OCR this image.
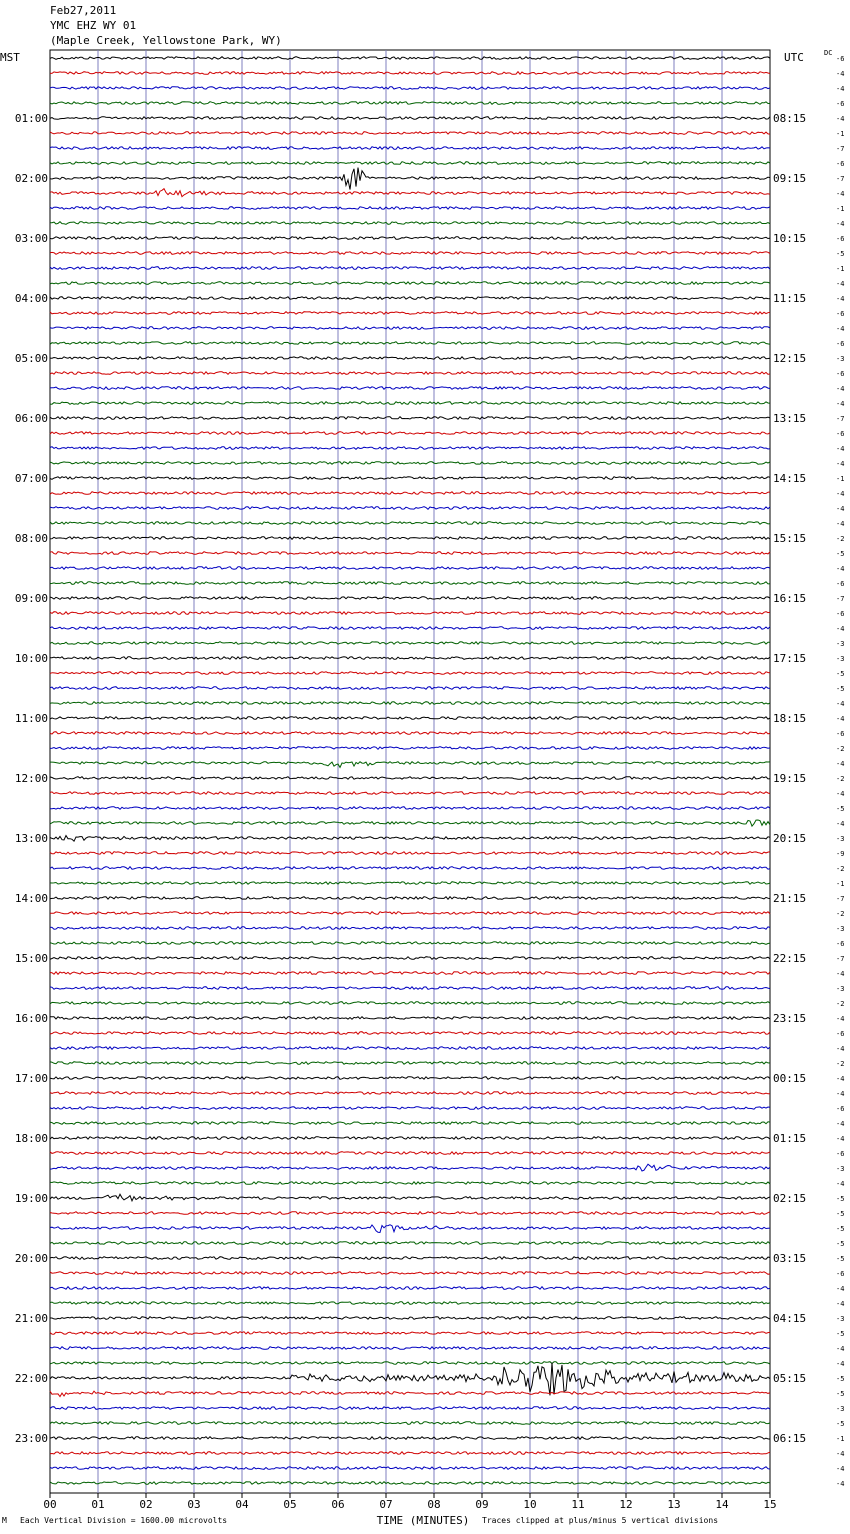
Feb27,2011
YMC EHZ WY 01
(Maple Creek, Yellowstone Park, WY)
MST	UTC	DC
01:00
02:00
03:00
04:00
05:00
06:00
07:00
08:00
09:00
10:00
11:00
12:00
13:00
14:00
15:00
16:00
17:00
18:00
19:00
20:00
21:00
22:00
23:00
08:15
09:15
10:15
11:15
12:15
13:15
14:15
15:15
16:15
17:15
18:15
19:15
20:15
21:15
22:15
23:15
00:15
01:15
02:15
03:15
04:15
05:15
06:15
-6
-4
-4
-6
-4
-1
-7
-6
-7
-4
-1
-4
-6
-5
-1
-4
-4
-6
-4
-6
-3
-6
-4
-4
-7
-6
-4
-4
-1
-4
-4
-4
-2
-5
-4
-6
-7
-6
-4
-3
-3
-5
-5
-4
-4
-6
-2
-4
-2
-4
-5
-4
-3
-9
-2
-1
-7
-2
-3
-6
-7
-4
-3
-2
-4
-6
-4
-2
-4
-4
-6
-4
-4
-6
-3
-4
-5
-5
-5
-5
-5
-6
-4
-4
-3
-5
-4
-4
-5
-5
-3
-5
-1
-4
-4
-4
00	01	02	03	04	05	06	07	08	09	10	11	12	13	14	15
TIME (MINUTES)
M Each Vertical Division = 1600.00 microvolts	Traces clipped at plus/minus 5 vertical divisions
